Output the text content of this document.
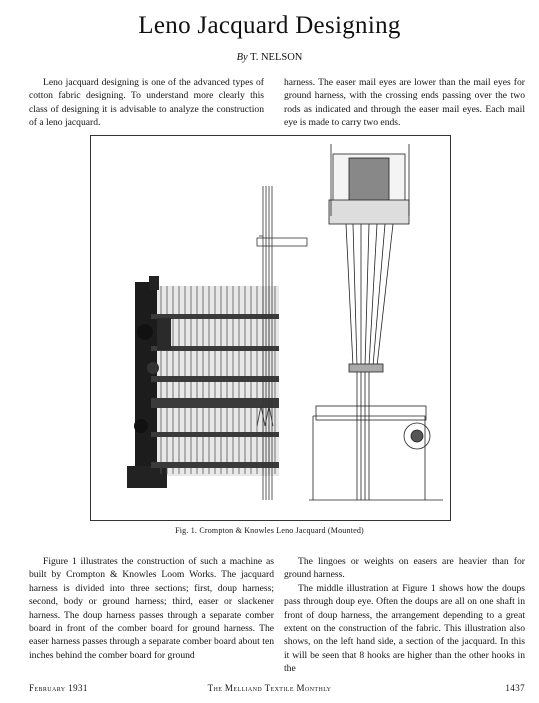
Leno Jacquard Designing
By T. NELSON

Leno jacquard designing is one of the advanced types of cotton fabric designing. To understand more clearly this class of designing it is advisable to analyze the construction of a leno jacquard.

harness. The easer mail eyes are lower than the mail eyes for ground harness, with the crossing ends passing over the two rods as indicated and through the easer mail eyes. Each mail eye is made to carry two ends.

Fig. 1. Crompton & Knowles Leno Jacquard (Mounted)

Figure 1 illustrates the construction of such a machine as built by Crompton & Knowles Loom Works. The jacquard harness is divided into three sections; first, doup harness; second, body or ground harness; third, easer or slackener harness. The doup harness passes through a separate comber board in front of the comber board for ground harness. The easer harness passes through a separate comber board about ten inches behind the comber board for ground

The lingoes or weights on easers are heavier than for ground harness.

The middle illustration at Figure 1 shows how the doups pass through doup eye. Often the doups are all on one shaft in front of doup harness, the arrangement depending to a great extent on the construction of the fabric. This illustration also shows, on the left hand side, a section of the jacquard. In this it will be seen that 8 hooks are higher than the other hooks in the

February 1931	The Melliand Textile Monthly	1437
